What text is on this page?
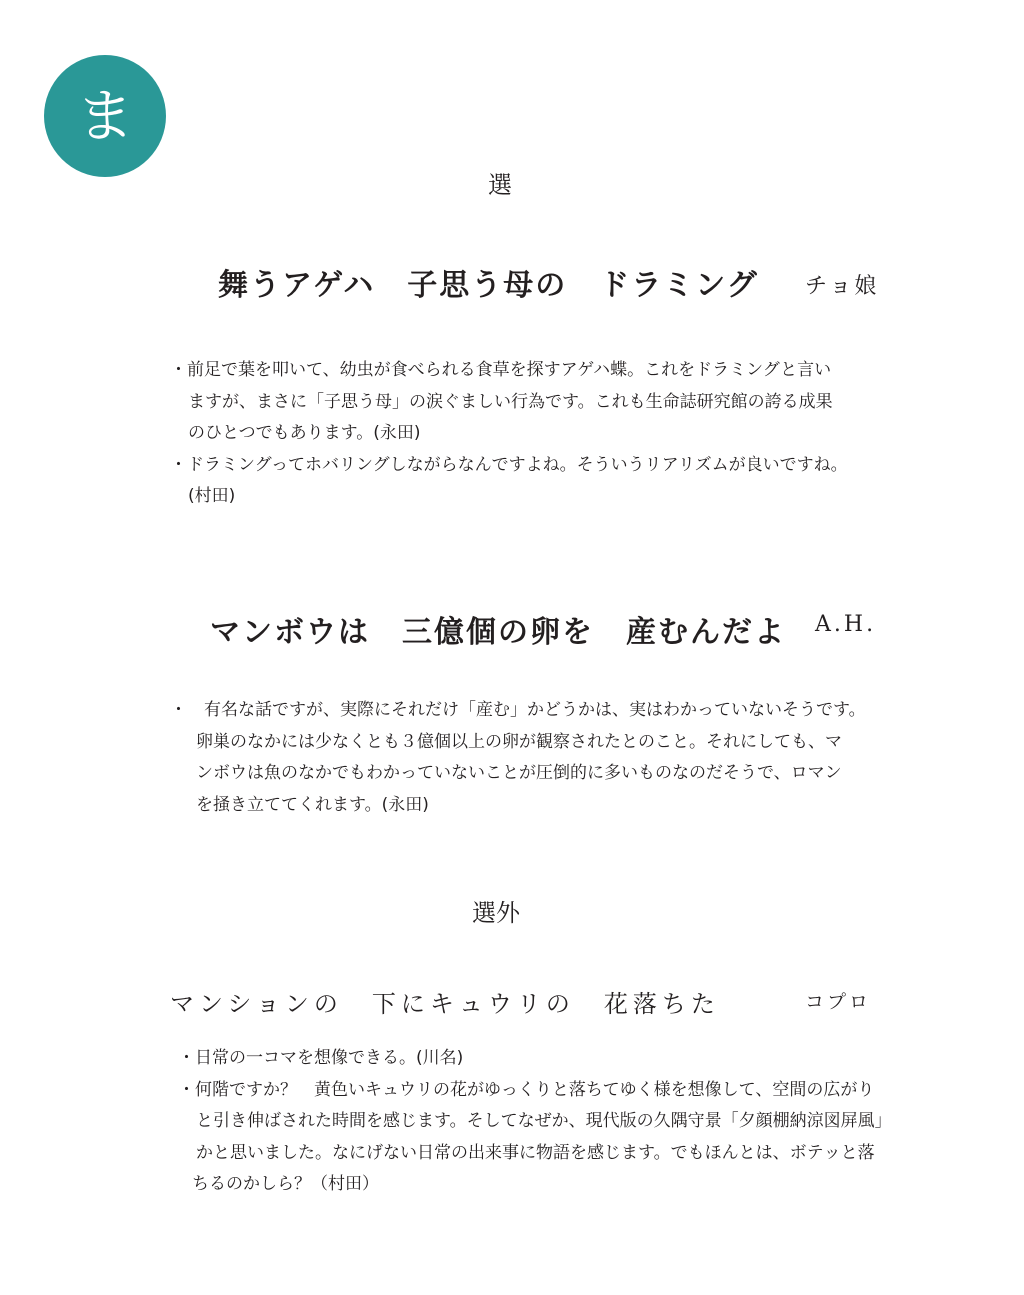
ま
選
舞うアゲハ　子思う母の　ドラミング チョ娘
・前足で葉を叩いて、幼虫が食べられる食草を探すアゲハ蝶。これをドラミングと言い
ますが、まさに「子思う母」の涙ぐましい行為です。これも生命誌研究館の誇る成果
のひとつでもあります。(永田)
・ドラミングってホバリングしながらなんですよね。そういうリアリズムが良いですね。
(村田)
マンボウは　三億個の卵を　産むんだよ A.H.
・　有名な話ですが、実際にそれだけ「産む」かどうかは、実はわかっていないそうです。
卵巣のなかには少なくとも３億個以上の卵が観察されたとのこと。それにしても、マ
ンボウは魚のなかでもわかっていないことが圧倒的に多いものなのだそうで、ロマン
を掻き立ててくれます。(永田)
選外
マンションの　下にキュウリの　花落ちた	コプロ
・日常の一コマを想像できる。(川名)
・何階ですか？　黄色いキュウリの花がゆっくりと落ちてゆく様を想像して、空間の広がり
と引き伸ばされた時間を感じます。そしてなぜか、現代版の久隅守景「夕顔棚納涼図屏風」
かと思いました。なにげない日常の出来事に物語を感じます。でもほんとは、ボテッと落
ちるのかしら？（村田）
